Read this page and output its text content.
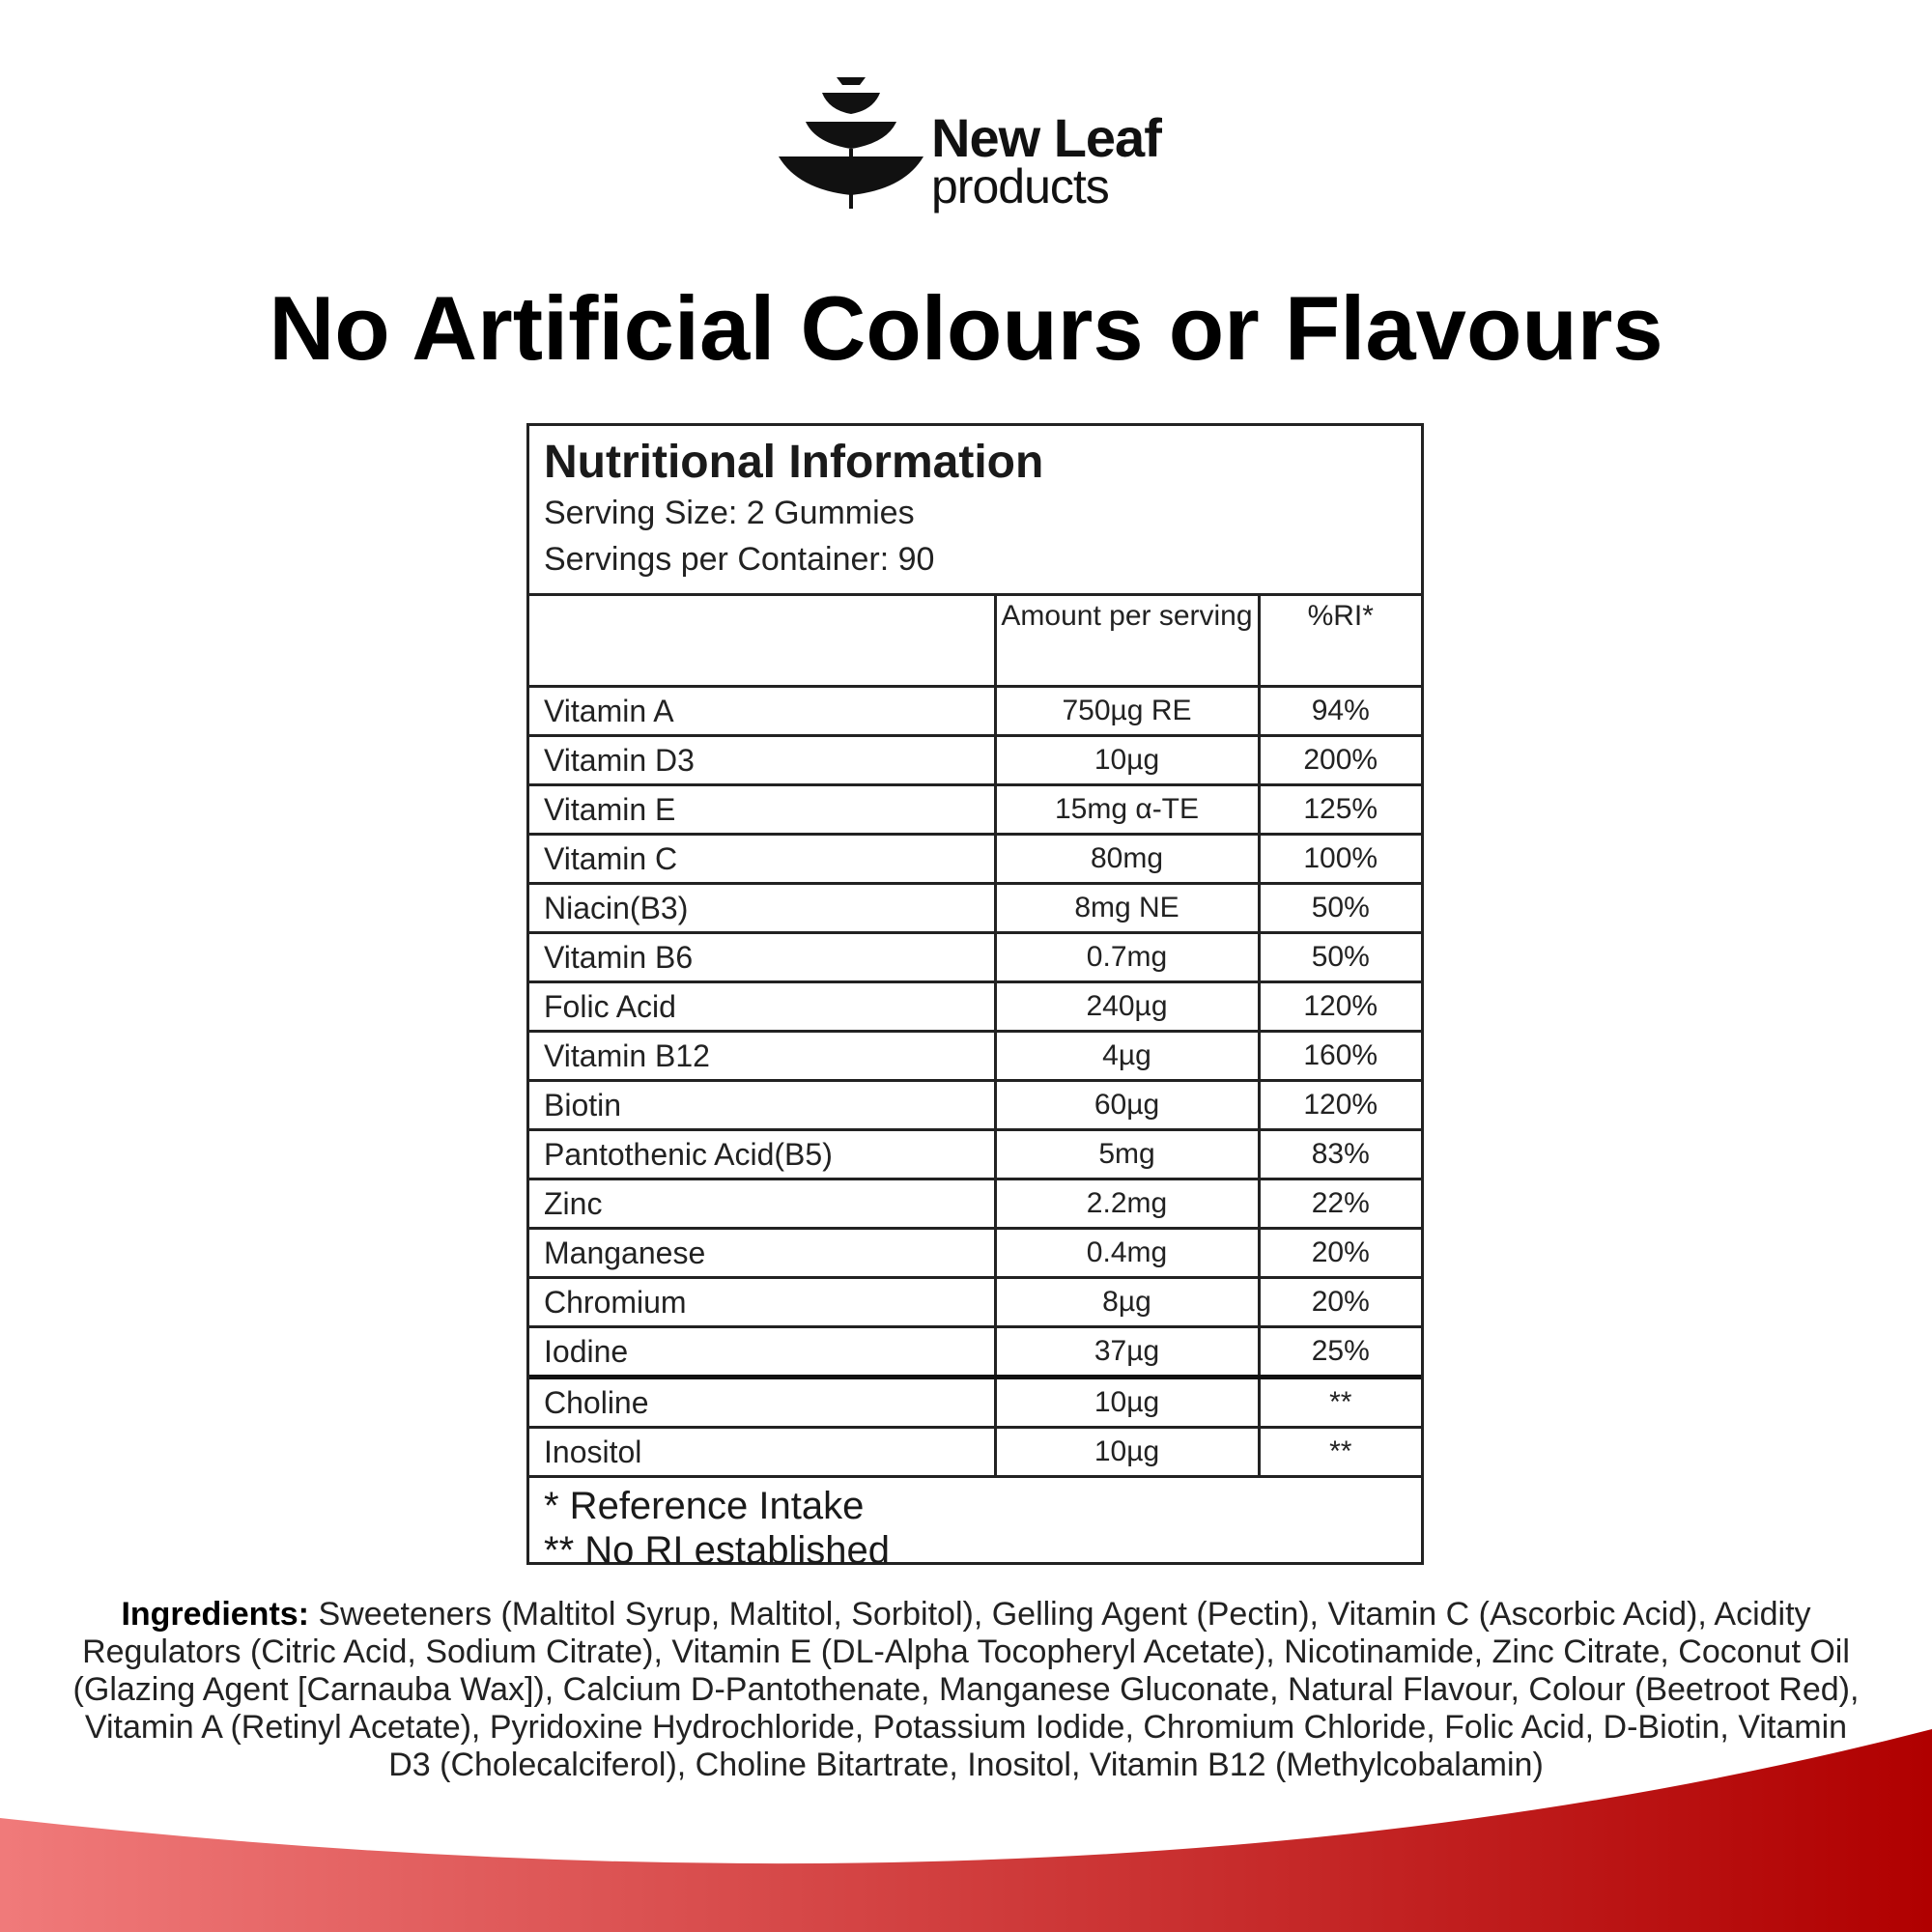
New Leaf
products
No Artificial Colours or Flavours
Nutritional Information
Serving Size: 2 Gummies
Servings per Container: 90
	Amount per serving	%RI*
Vitamin A	750µg RE	94%
Vitamin D3	10µg	200%
Vitamin E	15mg α-TE	125%
Vitamin C	80mg	100%
Niacin(B3)	8mg NE	50%
Vitamin B6	0.7mg	50%
Folic Acid	240µg	120%
Vitamin B12	4µg	160%
Biotin	60µg	120%
Pantothenic Acid(B5)	5mg	83%
Zinc	2.2mg	22%
Manganese	0.4mg	20%
Chromium	8µg	20%
Iodine	37µg	25%
Choline	10µg	**
Inositol	10µg	**
* Reference Intake
** No RI established
Ingredients: Sweeteners (Maltitol Syrup, Maltitol, Sorbitol), Gelling Agent (Pectin), Vitamin C (Ascorbic Acid), Acidity Regulators (Citric Acid, Sodium Citrate), Vitamin E (DL-Alpha Tocopheryl Acetate), Nicotinamide, Zinc Citrate, Coconut Oil (Glazing Agent [Carnauba Wax]), Calcium D-Pantothenate, Manganese Gluconate, Natural Flavour, Colour (Beetroot Red), Vitamin A (Retinyl Acetate), Pyridoxine Hydrochloride, Potassium Iodide, Chromium Chloride, Folic Acid, D-Biotin, Vitamin D3 (Cholecalciferol), Choline Bitartrate, Inositol, Vitamin B12 (Methylcobalamin)
